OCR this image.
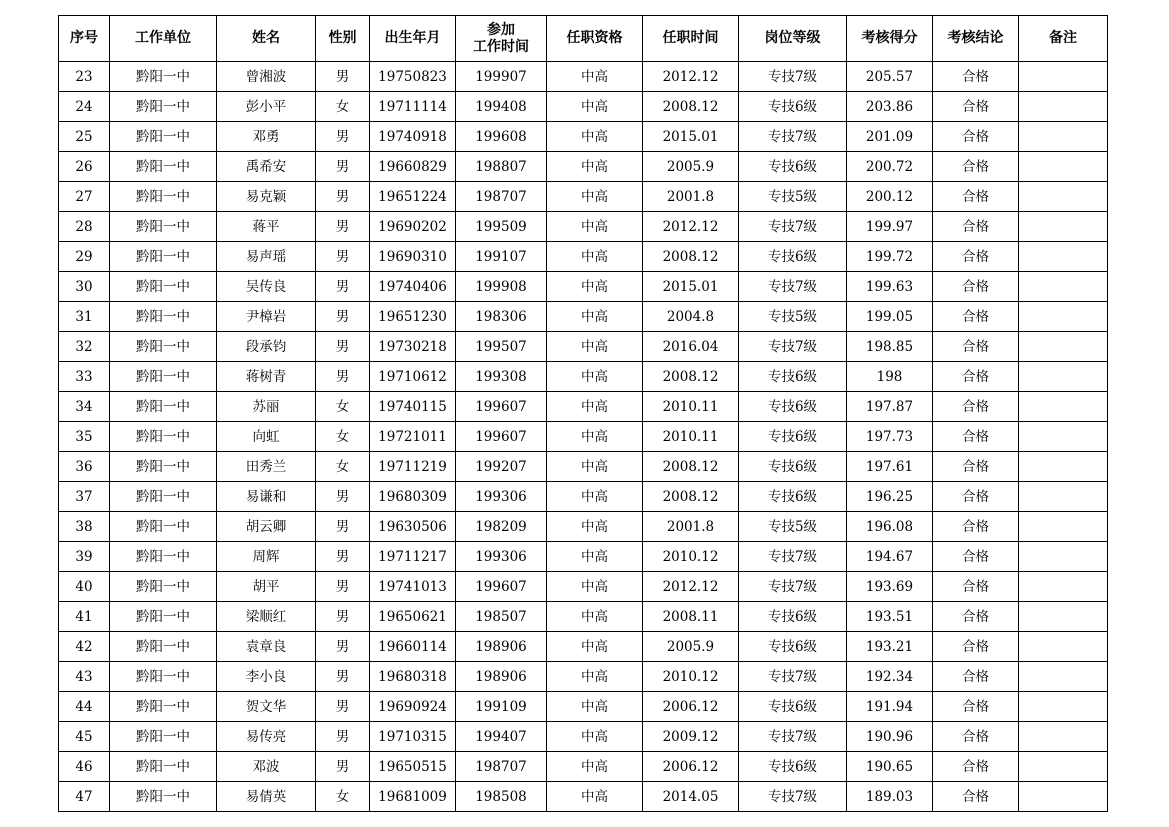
序号	工作单位	姓名	性别	出生年月	参加
工作时间	任职资格	任职时间	岗位等级	考核得分	考核结论	备注
23	黔阳一中	曾湘波	男	19750823	199907	中高	2012.12	专技7级	205.57	合格	
24	黔阳一中	彭小平	女	19711114	199408	中高	2008.12	专技6级	203.86	合格	
25	黔阳一中	邓勇	男	19740918	199608	中高	2015.01	专技7级	201.09	合格	
26	黔阳一中	禹希安	男	19660829	198807	中高	2005.9	专技6级	200.72	合格	
27	黔阳一中	易克颖	男	19651224	198707	中高	2001.8	专技5级	200.12	合格	
28	黔阳一中	蒋平	男	19690202	199509	中高	2012.12	专技7级	199.97	合格	
29	黔阳一中	易声瑶	男	19690310	199107	中高	2008.12	专技6级	199.72	合格	
30	黔阳一中	吴传良	男	19740406	199908	中高	2015.01	专技7级	199.63	合格	
31	黔阳一中	尹樟岩	男	19651230	198306	中高	2004.8	专技5级	199.05	合格	
32	黔阳一中	段承钧	男	19730218	199507	中高	2016.04	专技7级	198.85	合格	
33	黔阳一中	蒋树青	男	19710612	199308	中高	2008.12	专技6级	198	合格	
34	黔阳一中	苏丽	女	19740115	199607	中高	2010.11	专技6级	197.87	合格	
35	黔阳一中	向虹	女	19721011	199607	中高	2010.11	专技6级	197.73	合格	
36	黔阳一中	田秀兰	女	19711219	199207	中高	2008.12	专技6级	197.61	合格	
37	黔阳一中	易谦和	男	19680309	199306	中高	2008.12	专技6级	196.25	合格	
38	黔阳一中	胡云卿	男	19630506	198209	中高	2001.8	专技5级	196.08	合格	
39	黔阳一中	周辉	男	19711217	199306	中高	2010.12	专技7级	194.67	合格	
40	黔阳一中	胡平	男	19741013	199607	中高	2012.12	专技7级	193.69	合格	
41	黔阳一中	梁顺红	男	19650621	198507	中高	2008.11	专技6级	193.51	合格	
42	黔阳一中	袁章良	男	19660114	198906	中高	2005.9	专技6级	193.21	合格	
43	黔阳一中	李小良	男	19680318	198906	中高	2010.12	专技7级	192.34	合格	
44	黔阳一中	贺文华	男	19690924	199109	中高	2006.12	专技6级	191.94	合格	
45	黔阳一中	易传亮	男	19710315	199407	中高	2009.12	专技7级	190.96	合格	
46	黔阳一中	邓波	男	19650515	198707	中高	2006.12	专技6级	190.65	合格	
47	黔阳一中	易倩英	女	19681009	198508	中高	2014.05	专技7级	189.03	合格	
